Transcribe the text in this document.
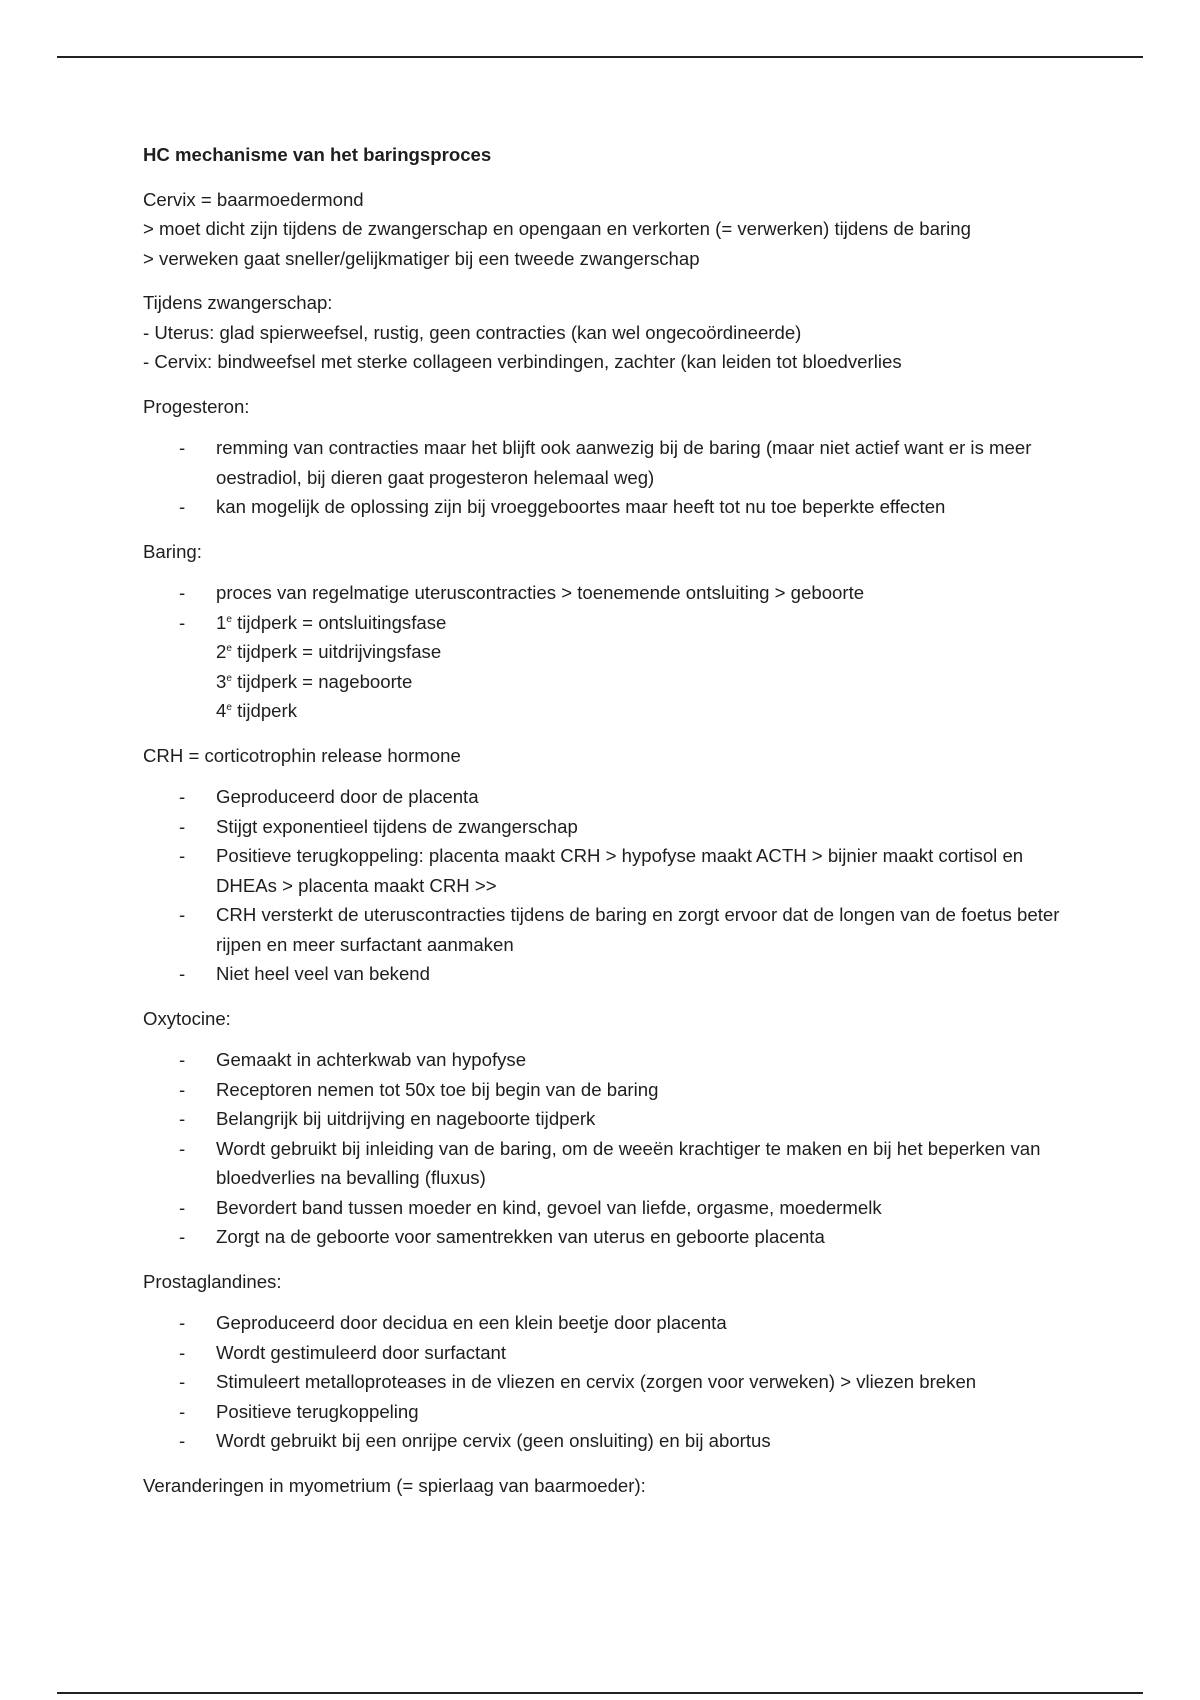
HC mechanisme van het baringsproces
Cervix = baarmoedermond
> moet dicht zijn tijdens de zwangerschap en opengaan en verkorten (= verwerken) tijdens de baring
> verweken gaat sneller/gelijkmatiger bij een tweede zwangerschap
Tijdens zwangerschap:
- Uterus: glad spierweefsel, rustig, geen contracties (kan wel ongecoördineerde)
- Cervix: bindweefsel met sterke collageen verbindingen, zachter (kan leiden tot bloedverlies
Progesteron:
- remming van contracties maar het blijft ook aanwezig bij de baring (maar niet actief want er is meer oestradiol, bij dieren gaat progesteron helemaal weg)
- kan mogelijk de oplossing zijn bij vroeggeboortes maar heeft tot nu toe beperkte effecten
Baring:
- proces van regelmatige uteruscontracties > toenemende ontsluiting > geboorte
- 1e tijdperk = ontsluitingsfase
2e tijdperk = uitdrijvingsfase
3e tijdperk = nageboorte
4e tijdperk
CRH = corticotrophin release hormone
- Geproduceerd door de placenta
- Stijgt exponentieel tijdens de zwangerschap
- Positieve terugkoppeling: placenta maakt CRH > hypofyse maakt ACTH > bijnier maakt cortisol en DHEAs > placenta maakt CRH >>
- CRH versterkt de uteruscontracties tijdens de baring en zorgt ervoor dat de longen van de foetus beter rijpen en meer surfactant aanmaken
- Niet heel veel van bekend
Oxytocine:
- Gemaakt in achterkwab van hypofyse
- Receptoren nemen tot 50x toe bij begin van de baring
- Belangrijk bij uitdrijving en nageboorte tijdperk
- Wordt gebruikt bij inleiding van de baring, om de weeën krachtiger te maken en bij het beperken van bloedverlies na bevalling (fluxus)
- Bevordert band tussen moeder en kind, gevoel van liefde, orgasme, moedermelk
- Zorgt na de geboorte voor samentrekken van uterus en geboorte placenta
Prostaglandines:
- Geproduceerd door decidua en een klein beetje door placenta
- Wordt gestimuleerd door surfactant
- Stimuleert metalloproteases in de vliezen en cervix (zorgen voor verweken) > vliezen breken
- Positieve terugkoppeling
- Wordt gebruikt bij een onrijpe cervix (geen onsluiting) en bij abortus
Veranderingen in myometrium (= spierlaag van baarmoeder):
